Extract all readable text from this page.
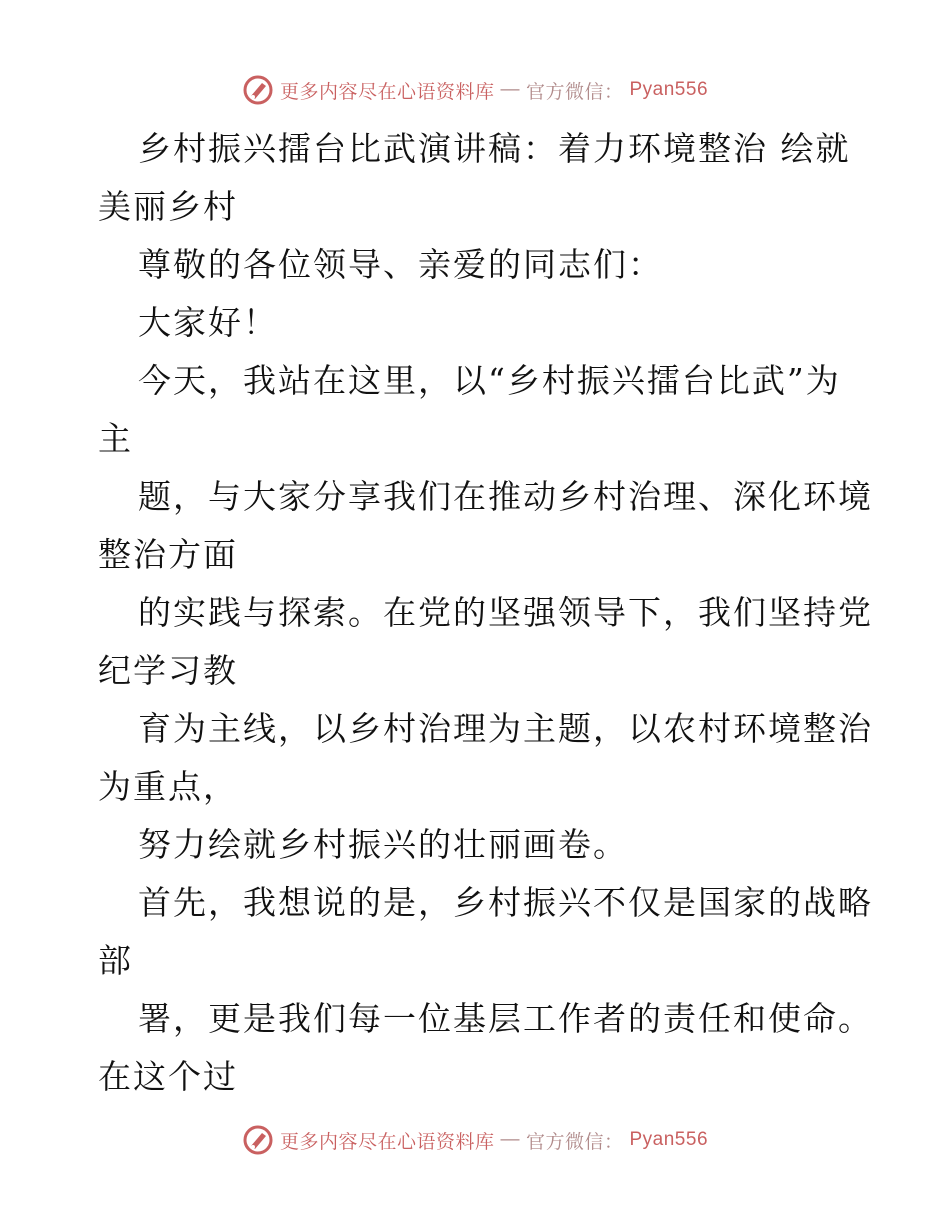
更多内容尽在心语资料库 — 官方微信： Pyan556
乡村振兴擂台比武演讲稿：着力环境整治 绘就
美丽乡村
尊敬的各位领导、亲爱的同志们：
大家好！
今天，我站在这里，以“乡村振兴擂台比武”为
主
题，与大家分享我们在推动乡村治理、深化环境
整治方面
的实践与探索。在党的坚强领导下，我们坚持党
纪学习教
育为主线，以乡村治理为主题，以农村环境整治
为重点，
努力绘就乡村振兴的壮丽画卷。
首先，我想说的是，乡村振兴不仅是国家的战略
部
署，更是我们每一位基层工作者的责任和使命。
在这个过
更多内容尽在心语资料库 — 官方微信： Pyan556
